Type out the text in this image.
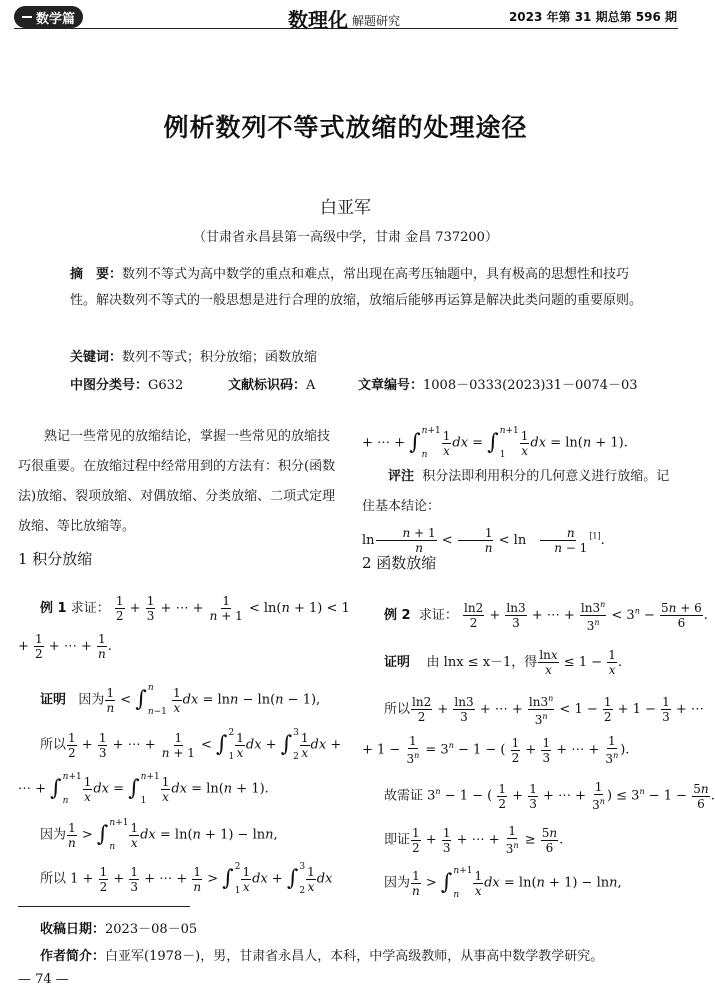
数学篇	数理化 解题研究	2023 年第 31 期总第 596 期
例析数列不等式放缩的处理途径
白亚军
（甘肃省永昌县第一高级中学，甘肃 金昌 737200）
摘　要：数列不等式为高中数学的重点和难点，常出现在高考压轴题中，具有极高的思想性和技巧性。解决数列不等式的一般思想是进行合理的放缩，放缩后能够再运算是解决此类问题的重要原则。
关键词：数列不等式；积分放缩；函数放缩
中图分类号：G632	文献标识码：A	文章编号：1008－0333(2023)31－0074－03
熟记一些常见的放缩结论，掌握一些常见的放缩技巧很重要。在放缩过程中经常用到的方法有：积分(函数法)放缩、裂项放缩、对偶放缩、分类放缩、二项式定理放缩、等比放缩等。
1 积分放缩
例 1 求证： $\frac{1}{2} + \frac{1}{3}$ + ⋯ + $\frac{1}{n + 1} < \ln(n + 1) < 1$
+ $\frac{1}{2}$ + ⋯ + $\frac{1}{n}$ .
证明 因为 $\frac{1}{n}$ < ∫ n
n−1
$\frac{1}{x}$ dx = lnn − ln(n − 1),
所以 $\frac{1}{2} + \frac{1}{3}$ + ⋯ + $\frac{1}{n + 1}$ < ∫ 2
$1 \frac{1}{x}$ dx + ∫ 3
$2 \frac{1}{x}$ dx +
⋯ + ∫ n+1
n	$\frac{1}{x}$ dx = ∫ n+1
1	$\frac{1}{x}$ dx = ln(n + 1).
因为 $\frac{1}{n}$ > ∫ n+1
n	$\frac{1}{x}$ dx = ln(n + 1) − lnn,
所以 $1 + \frac{1}{2} + \frac{1}{3}$ + ⋯ + $\frac{1}{n}$ > ∫ 2
$1 \frac{1}{x}$ dx + ∫ 3
$2 \frac{1}{x}$ dx
+ ⋯ + ∫ n+1
n	$\frac{1}{x}$ dx = ∫ n+1
1	$\frac{1}{x}$ dx = ln(n + 1).
评注 积分法即利用积分的几何意义进行放缩。记住基本结论：$\ln \frac{n + 1}{n} < \frac{1}{n} < \ln \frac{n}{n - 1} [1]$.
2 函数放缩
例 2 求证： $\frac{\ln 2}{2} + \frac{\ln 3}{3}$ + ⋯ + $\frac{\ln 3^n}{3^n} < 3^n - \frac{5n + 6}{6}$ .
证明 由 lnx ≤ x－1，得 $\frac{\ln x}{x} \le 1 - \frac{1}{x}$ .
所以 $\frac{\ln 2}{2} + \frac{\ln 3}{3}$ + ⋯ + $\frac{\ln 3^n}{3^n} < 1 - \frac{1}{2} + 1 - \frac{1}{3}$ + ⋯
+ $1 - \frac{1}{3^n} = 3^n - 1$ − ( $\frac{1}{2} + \frac{1}{3}$ + ⋯ + $\frac{1}{3^n}$ ).
故需证 $3^n - 1$ − ( $\frac{1}{2} + \frac{1}{3}$ + ⋯ + $\frac{1}{3^n}$ ) ≤ $3^n - 1 - \frac{5n}{6}$ .
即证 $\frac{1}{2} + \frac{1}{3}$ + ⋯ + $\frac{1}{3^n} \ge \frac{5n}{6}$ .
因为 $\frac{1}{n}$ > ∫ n+1
n	$\frac{1}{x}$ dx = ln(n + 1) − lnn,
收稿日期：2023－08－05
作者简介：白亚军(1978－)，男，甘肃省永昌人，本科，中学高级教师，从事高中数学教学研究。
— 74 —
